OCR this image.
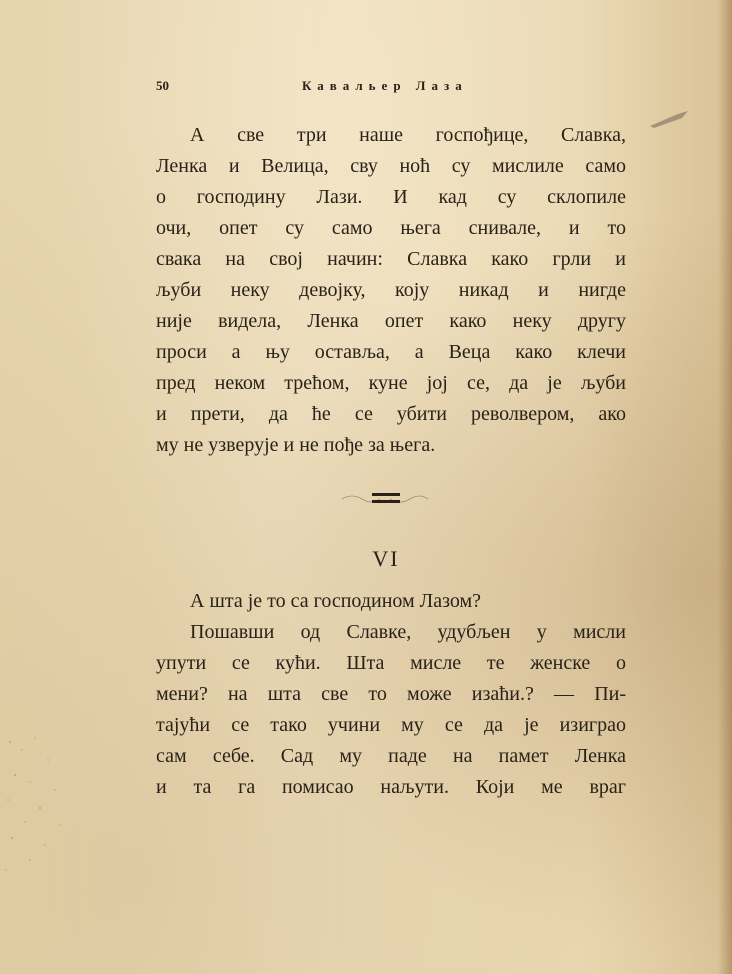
50	Кавальер Лаза
А све три наше госпођице, Славка,
Ленка и Велица, сву ноћ су мислиле само
о господину Лази. И кад су склопиле
очи, опет су само њега снивале, и то
свака на свој начин: Славка како грли и
љуби неку девојку, коју никад и нигде
није видела, Ленка опет како неку другу
проси а њу оставља, а Веца како клечи
пред неком трећом, куне јој се, да је љуби
и прети, да ће се убити револвером, ако
му не узверује и не пође за њега.
VI
А шта је то са господином Лазом?
Пошавши од Славке, удубљен у мисли
упути се кући. Шта мисле те женске о
мени? на шта све то може изаћи.? — Пи-
тајући се тако учини му се да је изиграо
сам себе. Сад му паде на памет Ленка
и та га помисао наљути. Који ме враг
